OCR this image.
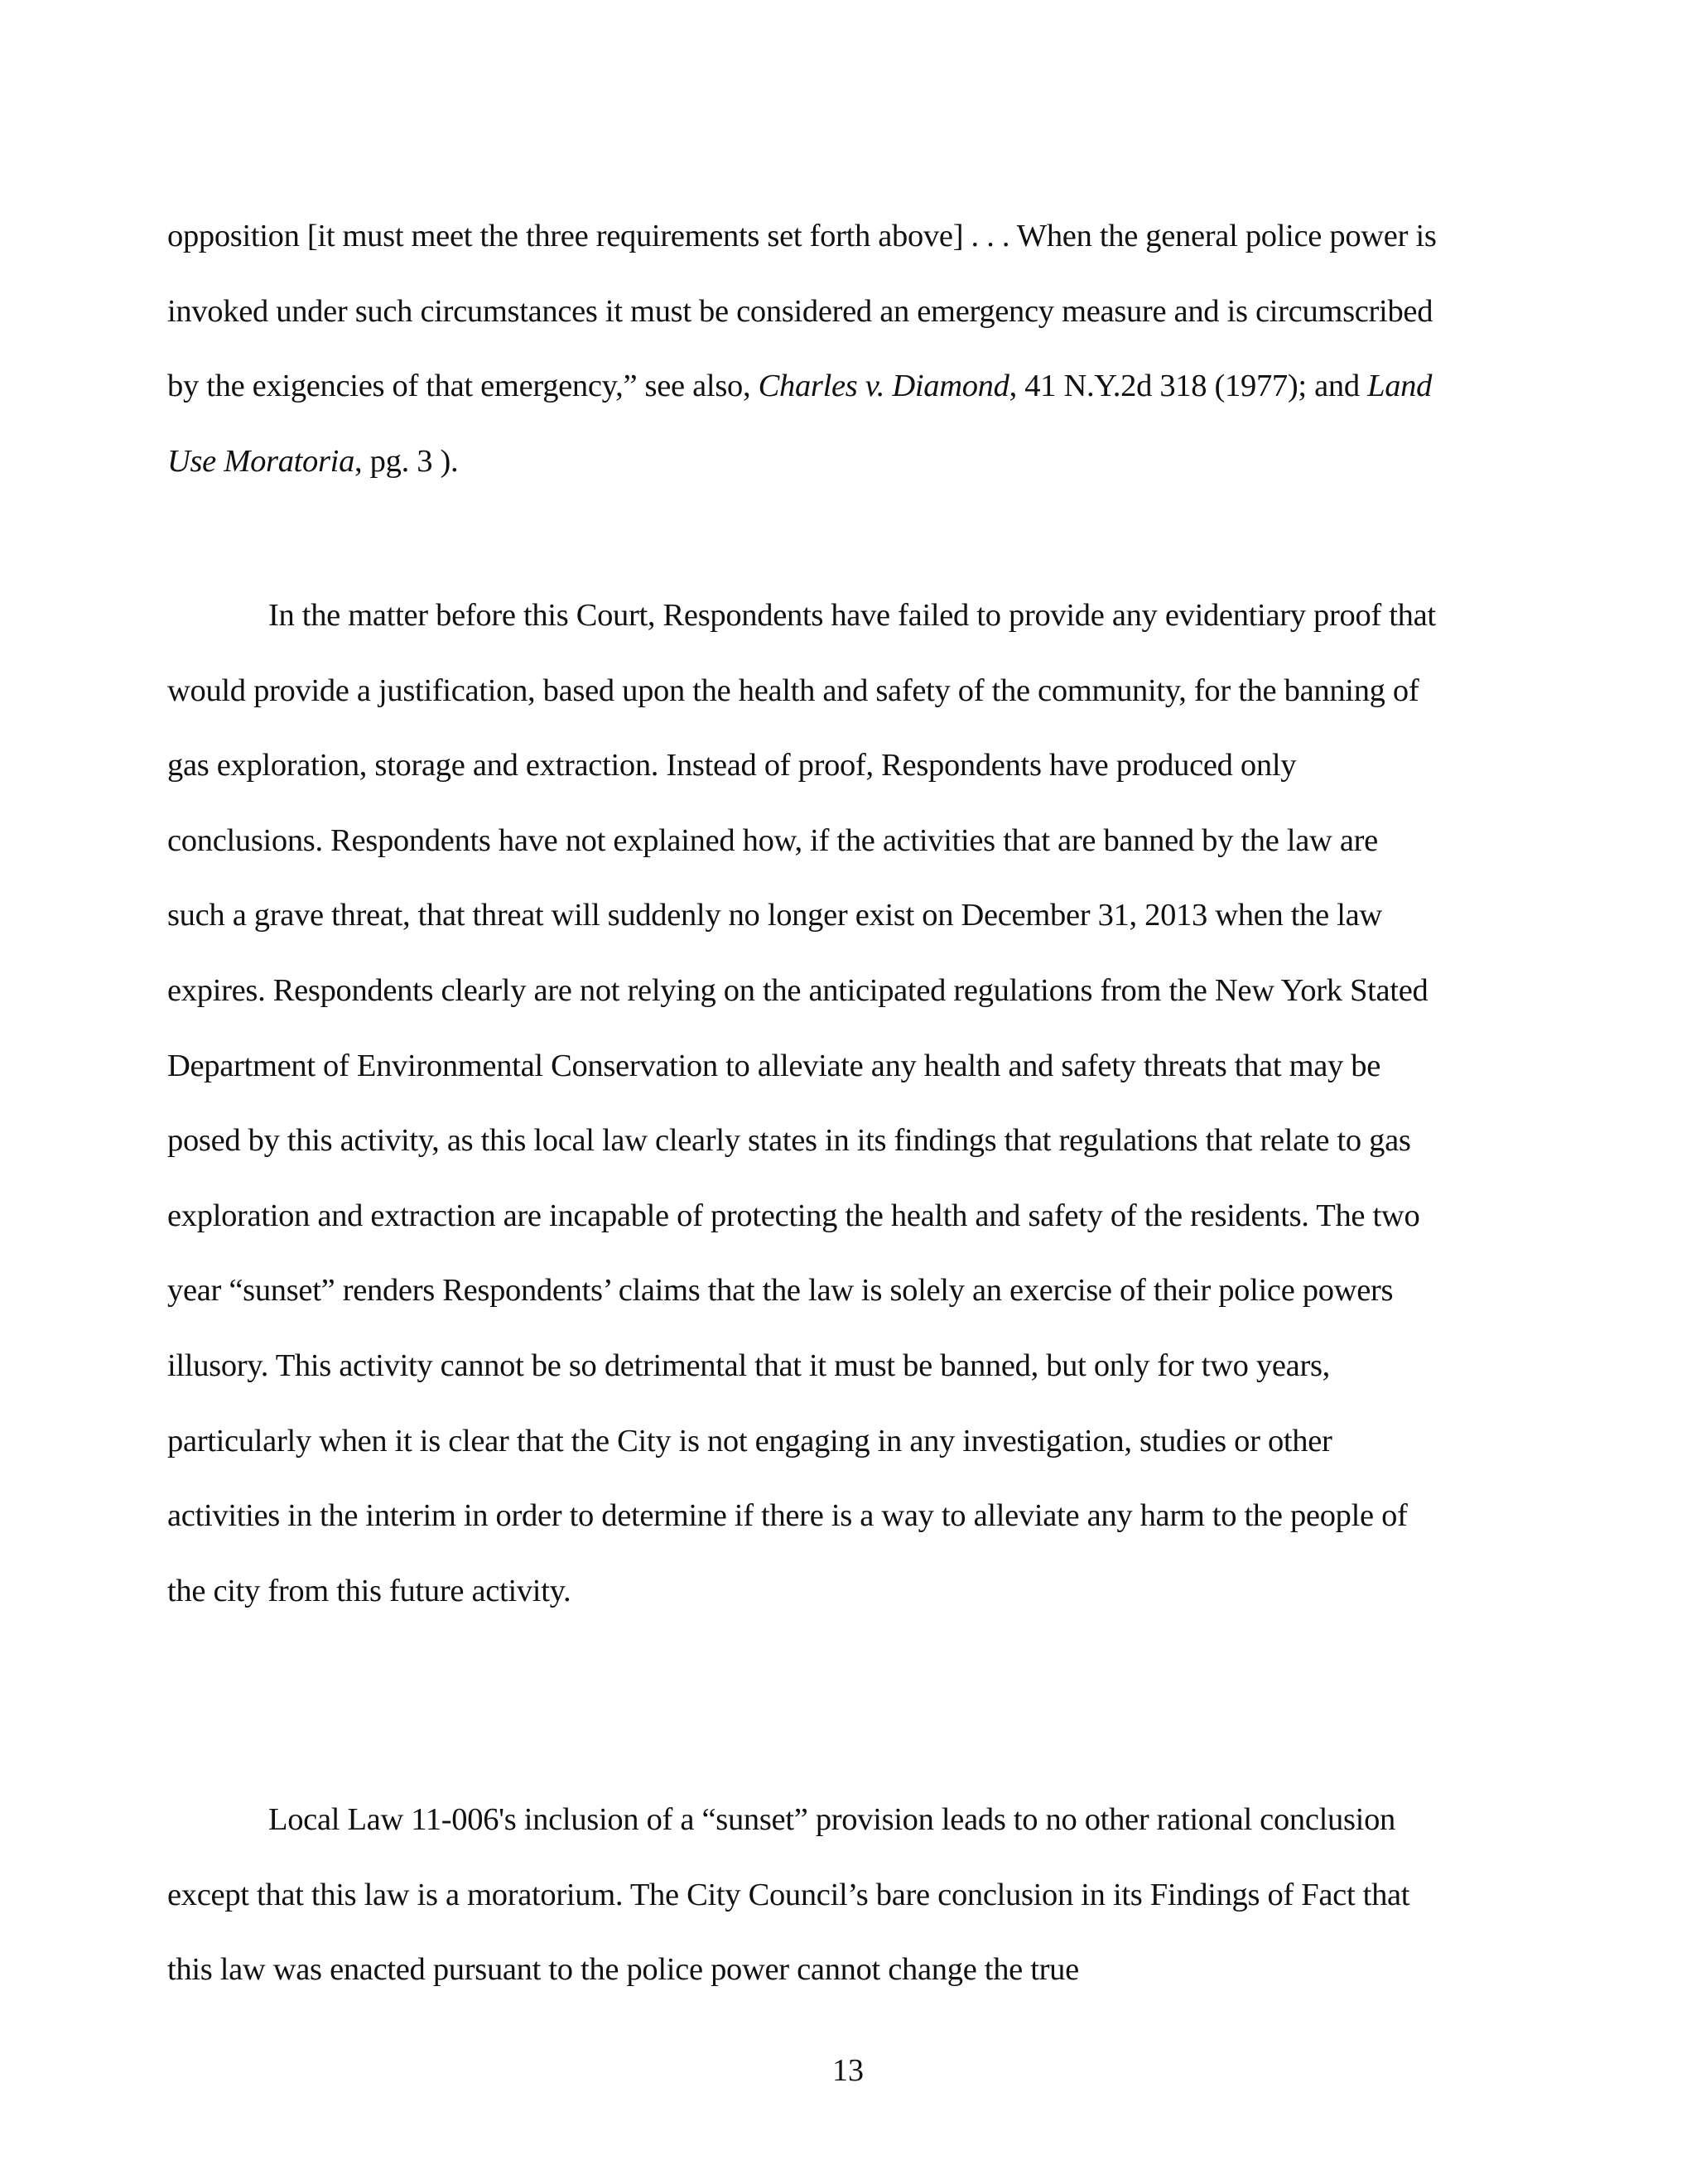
opposition [it must meet the three requirements set forth above] . . . When the general police power is invoked under such circumstances it must be considered an emergency measure and is circumscribed by the exigencies of that emergency,” see also, Charles v. Diamond, 41 N.Y.2d 318 (1977); and Land Use Moratoria, pg. 3 ).

In the matter before this Court, Respondents have failed to provide any evidentiary proof that would provide a justification, based upon the health and safety of the community, for the banning of gas exploration, storage and extraction. Instead of proof, Respondents have produced only conclusions. Respondents have not explained how, if the activities that are banned by the law are such a grave threat, that threat will suddenly no longer exist on December 31, 2013 when the law expires. Respondents clearly are not relying on the anticipated regulations from the New York Stated Department of Environmental Conservation to alleviate any health and safety threats that may be posed by this activity, as this local law clearly states in its findings that regulations that relate to gas exploration and extraction are incapable of protecting the health and safety of the residents. The two year “sunset” renders Respondents’ claims that the law is solely an exercise of their police powers illusory. This activity cannot be so detrimental that it must be banned, but only for two years, particularly when it is clear that the City is not engaging in any investigation, studies or other activities in the interim in order to determine if there is a way to alleviate any harm to the people of the city from this future activity.

Local Law 11-006's inclusion of a “sunset” provision leads to no other rational conclusion except that this law is a moratorium. The City Council’s bare conclusion in its Findings of Fact that this law was enacted pursuant to the police power cannot change the true

13
